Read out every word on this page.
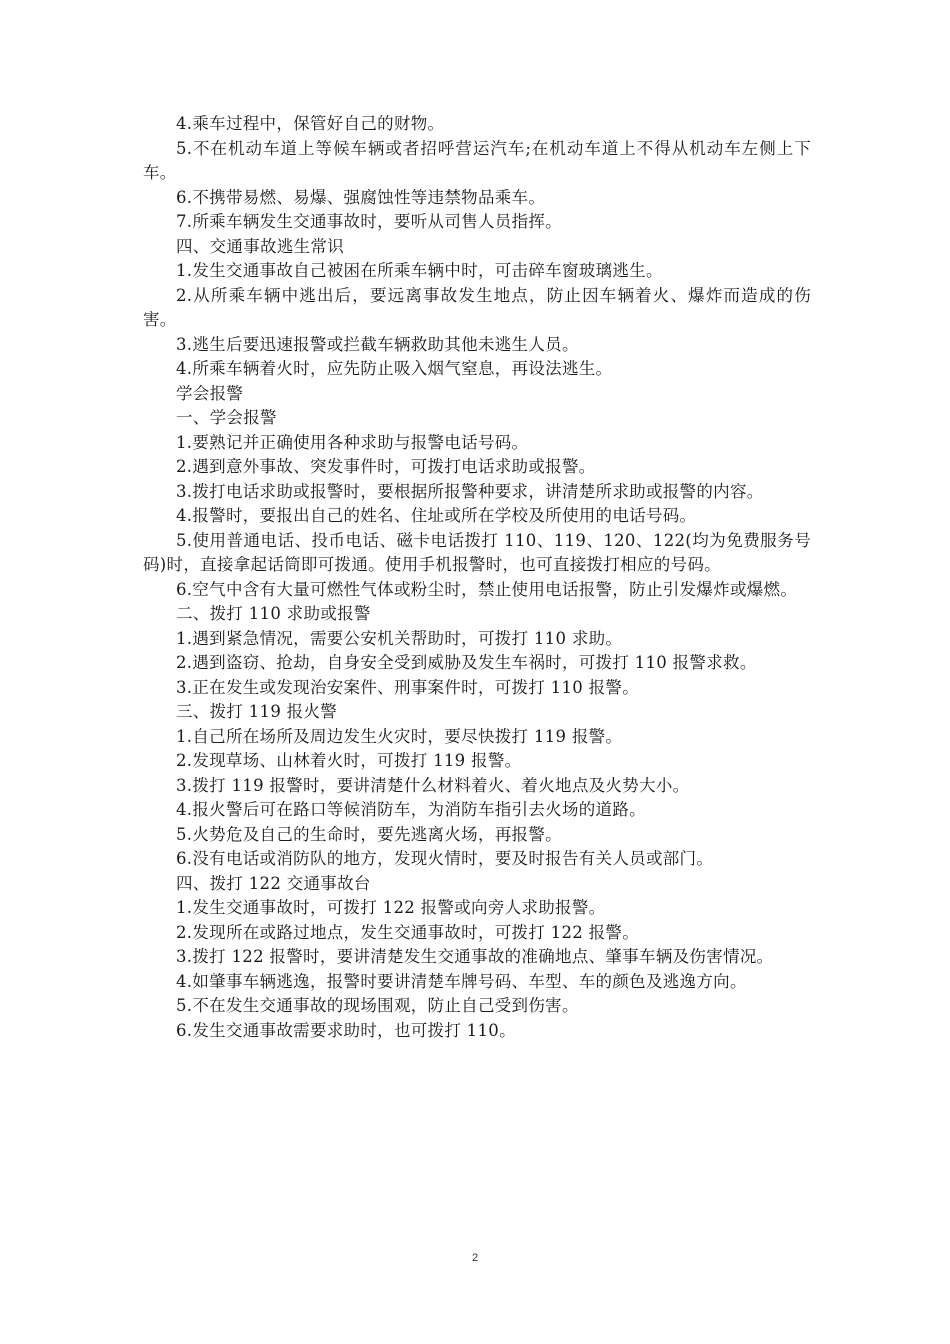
4.乘车过程中，保管好自己的财物。

5.不在机动车道上等候车辆或者招呼营运汽车;在机动车道上不得从机动车左侧上下车。

6.不携带易燃、易爆、强腐蚀性等违禁物品乘车。

7.所乘车辆发生交通事故时，要听从司售人员指挥。

四、交通事故逃生常识

1.发生交通事故自己被困在所乘车辆中时，可击碎车窗玻璃逃生。

2.从所乘车辆中逃出后，要远离事故发生地点，防止因车辆着火、爆炸而造成的伤害。

3.逃生后要迅速报警或拦截车辆救助其他未逃生人员。

4.所乘车辆着火时，应先防止吸入烟气窒息，再设法逃生。

学会报警

一、学会报警

1.要熟记并正确使用各种求助与报警电话号码。

2.遇到意外事故、突发事件时，可拨打电话求助或报警。

3.拨打电话求助或报警时，要根据所报警种要求，讲清楚所求助或报警的内容。

4.报警时，要报出自己的姓名、住址或所在学校及所使用的电话号码。

5.使用普通电话、投币电话、磁卡电话拨打 110、119、120、122(均为免费服务号码)时，直接拿起话筒即可拨通。使用手机报警时，也可直接拨打相应的号码。

6.空气中含有大量可燃性气体或粉尘时，禁止使用电话报警，防止引发爆炸或爆燃。

二、拨打 110 求助或报警

1.遇到紧急情况，需要公安机关帮助时，可拨打 110 求助。

2.遇到盗窃、抢劫，自身安全受到威胁及发生车祸时，可拨打 110 报警求救。

3.正在发生或发现治安案件、刑事案件时，可拨打 110 报警。

三、拨打 119 报火警

1.自己所在场所及周边发生火灾时，要尽快拨打 119 报警。

2.发现草场、山林着火时，可拨打 119 报警。

3.拨打 119 报警时，要讲清楚什么材料着火、着火地点及火势大小。

4.报火警后可在路口等候消防车，为消防车指引去火场的道路。

5.火势危及自己的生命时，要先逃离火场，再报警。

6.没有电话或消防队的地方，发现火情时，要及时报告有关人员或部门。

四、拨打 122 交通事故台

1.发生交通事故时，可拨打 122 报警或向旁人求助报警。

2.发现所在或路过地点，发生交通事故时，可拨打 122 报警。

3.拨打 122 报警时，要讲清楚发生交通事故的准确地点、肇事车辆及伤害情况。

4.如肇事车辆逃逸，报警时要讲清楚车牌号码、车型、车的颜色及逃逸方向。

5.不在发生交通事故的现场围观，防止自己受到伤害。

6.发生交通事故需要求助时，也可拨打 110。

2
